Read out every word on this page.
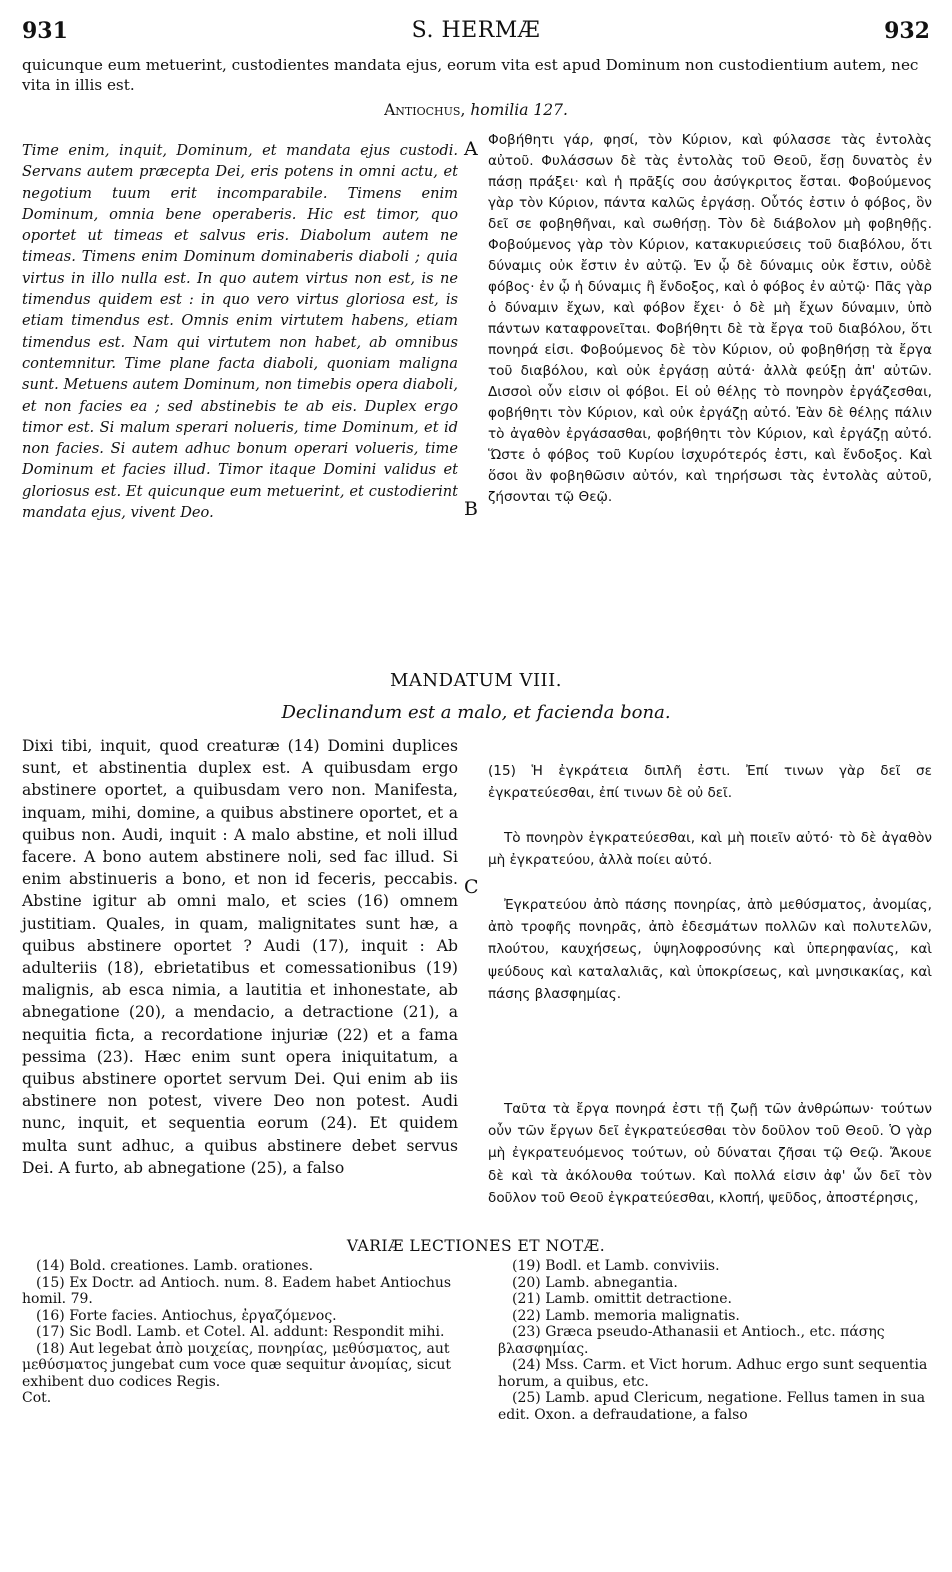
931	S. HERMÆ	932
quicunque eum metuerint, custodientes mandata ejus, eorum vita est apud Dominum non custodientium autem, nec vita in illis est.
Antiochus, homilia 127.
Time enim, inquit, Dominum, et mandata ejus custodi. Servans autem præcepta Dei, eris potens in omni actu, et negotium tuum erit incomparabile. Timens enim Dominum, omnia bene operaberis. Hic est timor, quo oportet ut timeas et salvus eris. Diabolum autem ne timeas. Timens enim Dominum dominaberis diaboli ; quia virtus in illo nulla est. In quo autem virtus non est, is ne timendus quidem est : in quo vero virtus gloriosa est, is etiam timendus est. Omnis enim virtutem habens, etiam timendus est. Nam qui virtutem non habet, ab omnibus contemnitur. Time plane facta diaboli, quoniam maligna sunt. Metuens autem Dominum, non timebis opera diaboli, et non facies ea ; sed abstinebis te ab eis. Duplex ergo timor est. Si malum sperari nolueris, time Dominum, et id non facies. Si autem adhuc bonum operari volueris, time Dominum et facies illud. Timor itaque Domini validus et gloriosus est. Et quicunque eum metuerint, et custodierint mandata ejus, vivent Deo.
Φοβήθητι γάρ, φησί, τὸν Κύριον, καὶ φύλασσε τὰς ἐντολὰς αὐτοῦ. Φυλάσσων δὲ τὰς ἐντολὰς τοῦ Θεοῦ, ἔσῃ δυνατὸς ἐν πάσῃ πράξει· καὶ ἡ πρᾶξίς σου ἀσύγκριτος ἔσται. Φοβούμενος γὰρ τὸν Κύριον, πάντα καλῶς ἐργάσῃ. Οὗτός ἐστιν ὁ φόβος, ὃν δεῖ σε φοβηθῆναι, καὶ σωθήσῃ. Τὸν δὲ διάβολον μὴ φοβηθῇς. Φοβούμενος γὰρ τὸν Κύριον, κατακυριεύσεις τοῦ διαβόλου, ὅτι δύναμις οὐκ ἔστιν ἐν αὐτῷ. Ἐν ᾧ δὲ δύναμις οὐκ ἔστιν, οὐδὲ φόβος· ἐν ᾧ ἡ δύναμις ἢ ἔνδοξος, καὶ ὁ φόβος ἐν αὐτῷ· Πᾶς γὰρ ὁ δύναμιν ἔχων, καὶ φόβον ἔχει· ὁ δὲ μὴ ἔχων δύναμιν, ὑπὸ πάντων καταφρονεῖται. Φοβήθητι δὲ τὰ ἔργα τοῦ διαβόλου, ὅτι πονηρά εἰσι. Φοβούμενος δὲ τὸν Κύριον, οὐ φοβηθήσῃ τὰ ἔργα τοῦ διαβόλου, καὶ οὐκ ἐργάσῃ αὐτά· ἀλλὰ φεύξῃ ἀπ' αὐτῶν. Δισσοὶ οὖν εἰσιν οἱ φόβοι. Εἰ οὐ θέλῃς τὸ πονηρὸν ἐργάζεσθαι, φοβήθητι τὸν Κύριον, καὶ οὐκ ἐργάζῃ αὐτό. Ἐὰν δὲ θέλῃς πάλιν τὸ ἀγαθὸν ἐργάσασθαι, φοβήθητι τὸν Κύριον, καὶ ἐργάζῃ αὐτό. Ὥστε ὁ φόβος τοῦ Κυρίου ἰσχυρότερός ἐστι, καὶ ἔνδοξος. Καὶ ὅσοι ἂν φοβηθῶσιν αὐτόν, καὶ τηρήσωσι τὰς ἐντολὰς αὐτοῦ, ζήσονται τῷ Θεῷ.
A
B
C
MANDATUM VIII.
Declinandum est a malo, et facienda bona.
Dixi tibi, inquit, quod creaturæ (14) Domini duplices sunt, et abstinentia duplex est. A quibusdam ergo abstinere oportet, a quibusdam vero non. Manifesta, inquam, mihi, domine, a quibus abstinere oportet, et a quibus non. Audi, inquit : A malo abstine, et noli illud facere. A bono autem abstinere noli, sed fac illud. Si enim abstinueris a bono, et non id feceris, peccabis. Abstine igitur ab omni malo, et scies (16) omnem justitiam. Quales, in quam, malignitates sunt hæ, a quibus abstinere oportet ? Audi (17), inquit : Ab adulteriis (18), ebrietatibus et comessationibus (19) malignis, ab esca nimia, a lautitia et inhonestate, ab abnegatione (20), a mendacio, a detractione (21), a nequitia ficta, a recordatione injuriæ (22) et a fama pessima (23). Hæc enim sunt opera iniquitatum, a quibus abstinere oportet servum Dei. Qui enim ab iis abstinere non potest, vivere Deo non potest. Audi nunc, inquit, et sequentia eorum (24). Et quidem multa sunt adhuc, a quibus abstinere debet servus Dei. A furto, ab abnegatione (25), a falso

(15) Ἡ ἐγκράτεια διπλῆ ἐστι. Ἐπί τινων γὰρ δεῖ σε ἐγκρατεύεσθαι, ἐπί τινων δὲ οὐ δεῖ.

Τὸ πονηρὸν ἐγκρατεύεσθαι, καὶ μὴ ποιεῖν αὐτό· τὸ δὲ ἀγαθὸν μὴ ἐγκρατεύου, ἀλλὰ ποίει αὐτό.

Ἐγκρατεύου ἀπὸ πάσης πονηρίας, ἀπὸ μεθύσματος, ἀνομίας, ἀπὸ τροφῆς πονηρᾶς, ἀπὸ ἐδεσμάτων πολλῶν καὶ πολυτελῶν, πλούτου, καυχήσεως, ὑψηλοφροσύνης καὶ ὑπερηφανίας, καὶ ψεύδους καὶ καταλαλιᾶς, καὶ ὑποκρίσεως, καὶ μνησικακίας, καὶ πάσης βλασφημίας.

Ταῦτα τὰ ἔργα πονηρά ἐστι τῇ ζωῇ τῶν ἀνθρώπων· τούτων οὖν τῶν ἔργων δεῖ ἐγκρατεύεσθαι τὸν δοῦλον τοῦ Θεοῦ. Ὁ γὰρ μὴ ἐγκρατευόμενος τούτων, οὐ δύναται ζῆσαι τῷ Θεῷ. Ἄκουε δὲ καὶ τὰ ἀκόλουθα τούτων. Καὶ πολλά εἰσιν ἀφ' ὧν δεῖ τὸν δοῦλον τοῦ Θεοῦ ἐγκρατεύεσθαι, κλοπή, ψεῦδος, ἀποστέρησις,

VARIÆ LECTIONES ET NOTÆ.
(14) Bold. creationes. Lamb. orationes.
(15) Ex Doctr. ad Antioch. num. 8. Eadem habet Antiochus homil. 79.
(16) Forte facies. Antiochus, ἐργαζόμενος.
(17) Sic Bodl. Lamb. et Cotel. Al. addunt: Respondit mihi.
(18) Aut legebat ἀπὸ μοιχείας, πονηρίας, μεθύσματος, aut μεθύσματος jungebat cum voce quæ sequitur ἀνομίας, sicut exhibent duo codices Regis.
Cot.
(19) Bodl. et Lamb. conviviis.
(20) Lamb. abnegantia.
(21) Lamb. omittit detractione.
(22) Lamb. memoria malignatis.
(23) Græca pseudo-Athanasii et Antioch., etc. πάσης βλασφημίας.
(24) Mss. Carm. et Vict horum. Adhuc ergo sunt sequentia horum, a quibus, etc.
(25) Lamb. apud Clericum, negatione. Fellus tamen in sua edit. Oxon. a defraudatione, a falso
